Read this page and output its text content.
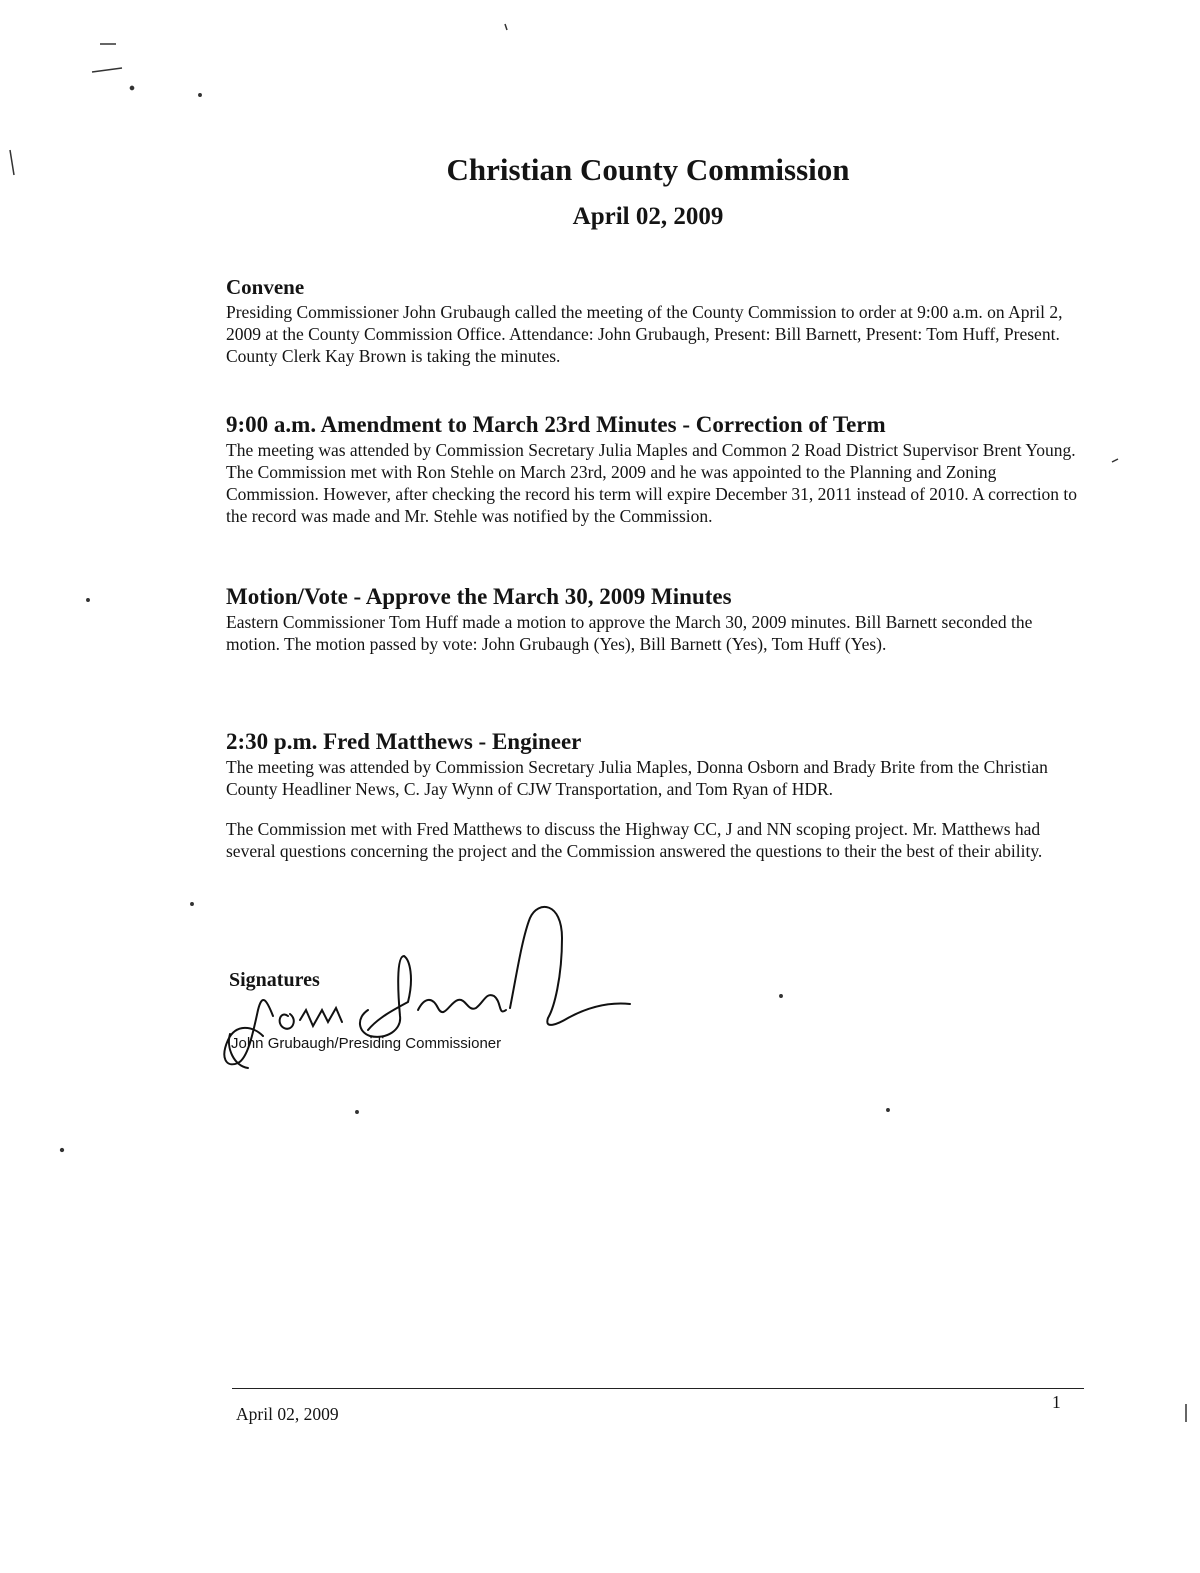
Christian County Commission
April 02, 2009
Convene

Presiding Commissioner John Grubaugh called the meeting of the County Commission to order at 9:00 a.m. on April 2, 2009 at the County Commission Office. Attendance: John Grubaugh, Present: Bill Barnett, Present: Tom Huff, Present. County Clerk Kay Brown is taking the minutes.

9:00 a.m. Amendment to March 23rd Minutes - Correction of Term

The meeting was attended by Commission Secretary Julia Maples and Common 2 Road District Supervisor Brent Young. The Commission met with Ron Stehle on March 23rd, 2009 and he was appointed to the Planning and Zoning Commission. However, after checking the record his term will expire December 31, 2011 instead of 2010. A correction to the record was made and Mr. Stehle was notified by the Commission.

Motion/Vote - Approve the March 30, 2009 Minutes

Eastern Commissioner Tom Huff made a motion to approve the March 30, 2009 minutes. Bill Barnett seconded the motion. The motion passed by vote: John Grubaugh (Yes), Bill Barnett (Yes), Tom Huff (Yes).

2:30 p.m. Fred Matthews - Engineer

The meeting was attended by Commission Secretary Julia Maples, Donna Osborn and Brady Brite from the Christian County Headliner News, C. Jay Wynn of CJW Transportation, and Tom Ryan of HDR.

The Commission met with Fred Matthews to discuss the Highway CC, J and NN scoping project. Mr. Matthews had several questions concerning the project and the Commission answered the questions to their the best of their ability.

Signatures

John Grubaugh/Presiding Commissioner

April 02, 2009

1
